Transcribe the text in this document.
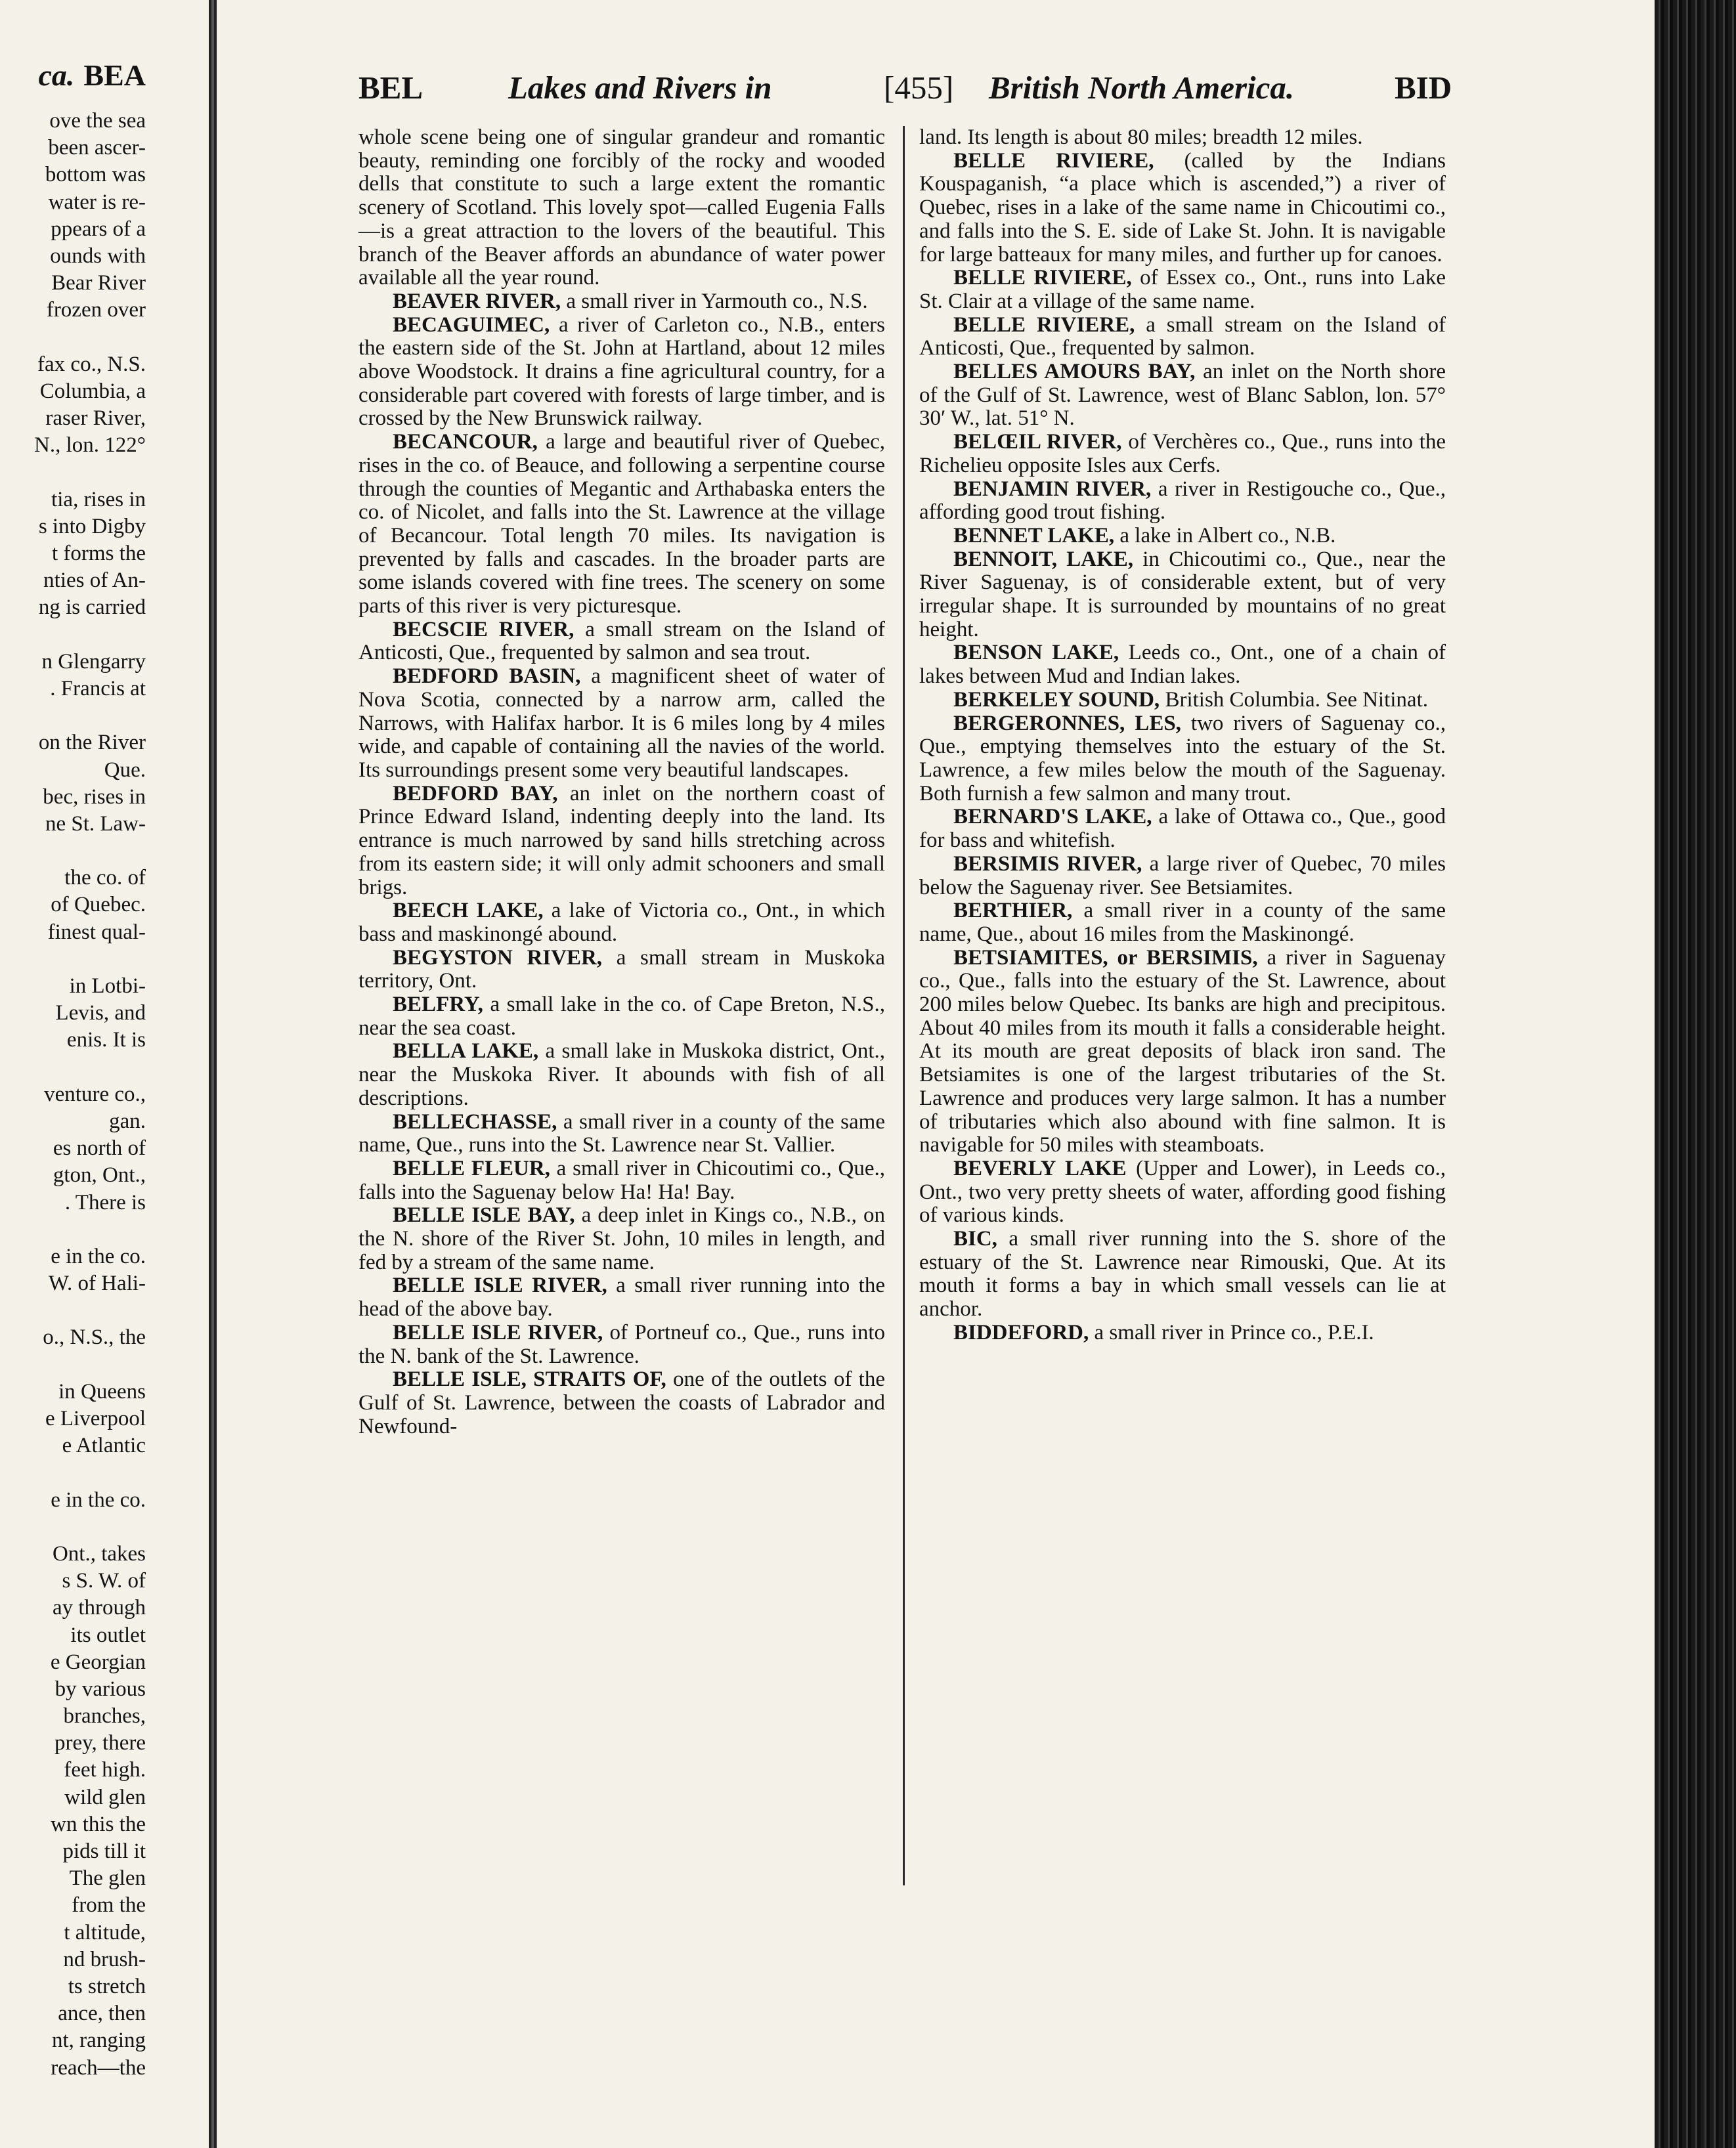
ca. BEA
ove the sea
been ascer-
bottom was
water is re-
ppears of a
ounds with
Bear River
frozen over
fax co., N.S.
Columbia, a
raser River,
N., lon. 122°
tia, rises in
s into Digby
t forms the
nties of An-
ng is carried
n Glengarry
. Francis at
on the River
Que.
bec, rises in
ne St. Law-
the co. of
of Quebec.
finest qual-
in Lotbi-
Levis, and
enis. It is
venture co.,
gan.
es north of
gton, Ont.,
. There is
e in the co.
W. of Hali-
o., N.S., the
in Queens
e Liverpool
e Atlantic
e in the co.
Ont., takes
s S. W. of
ay through
its outlet
e Georgian
by various
branches,
prey, there
feet high.
wild glen
wn this the
pids till it
The glen
from the
t altitude,
nd brush-
ts stretch
ance, then
nt, ranging
reach—the
BEL	Lakes and Rivers in	[455] British North America.	BID

whole scene being one of singular grandeur and romantic beauty, reminding one forcibly of the rocky and wooded dells that constitute to such a large extent the romantic scenery of Scotland. This lovely spot—called Eugenia Falls—is a great attraction to the lovers of the beautiful. This branch of the Beaver affords an abundance of water power available all the year round.

BEAVER RIVER, a small river in Yarmouth co., N.S.

BECAGUIMEC, a river of Carleton co., N.B., enters the eastern side of the St. John at Hartland, about 12 miles above Woodstock. It drains a fine agricultural country, for a considerable part covered with forests of large timber, and is crossed by the New Brunswick railway.

BECANCOUR, a large and beautiful river of Quebec, rises in the co. of Beauce, and following a serpentine course through the counties of Megantic and Arthabaska enters the co. of Nicolet, and falls into the St. Lawrence at the village of Becancour. Total length 70 miles. Its navigation is prevented by falls and cascades. In the broader parts are some islands covered with fine trees. The scenery on some parts of this river is very picturesque.

BECSCIE RIVER, a small stream on the Island of Anticosti, Que., frequented by salmon and sea trout.

BEDFORD BASIN, a magnificent sheet of water of Nova Scotia, connected by a narrow arm, called the Narrows, with Halifax harbor. It is 6 miles long by 4 miles wide, and capable of containing all the navies of the world. Its surroundings present some very beautiful landscapes.

BEDFORD BAY, an inlet on the northern coast of Prince Edward Island, indenting deeply into the land. Its entrance is much narrowed by sand hills stretching across from its eastern side; it will only admit schooners and small brigs.

BEECH LAKE, a lake of Victoria co., Ont., in which bass and maskinongé abound.

BEGYSTON RIVER, a small stream in Muskoka territory, Ont.

BELFRY, a small lake in the co. of Cape Breton, N.S., near the sea coast.

BELLA LAKE, a small lake in Muskoka district, Ont., near the Muskoka River. It abounds with fish of all descriptions.

BELLECHASSE, a small river in a county of the same name, Que., runs into the St. Lawrence near St. Vallier.

BELLE FLEUR, a small river in Chicoutimi co., Que., falls into the Saguenay below Ha! Ha! Bay.

BELLE ISLE BAY, a deep inlet in Kings co., N.B., on the N. shore of the River St. John, 10 miles in length, and fed by a stream of the same name.

BELLE ISLE RIVER, a small river running into the head of the above bay.

BELLE ISLE RIVER, of Portneuf co., Que., runs into the N. bank of the St. Lawrence.

BELLE ISLE, STRAITS OF, one of the outlets of the Gulf of St. Lawrence, between the coasts of Labrador and Newfound-

land. Its length is about 80 miles; breadth 12 miles.

BELLE RIVIERE, (called by the Indians Kouspaganish, “a place which is ascended,”) a river of Quebec, rises in a lake of the same name in Chicoutimi co., and falls into the S. E. side of Lake St. John. It is navigable for large batteaux for many miles, and further up for canoes.

BELLE RIVIERE, of Essex co., Ont., runs into Lake St. Clair at a village of the same name.

BELLE RIVIERE, a small stream on the Island of Anticosti, Que., frequented by salmon.

BELLES AMOURS BAY, an inlet on the North shore of the Gulf of St. Lawrence, west of Blanc Sablon, lon. 57° 30′ W., lat. 51° N.

BELŒIL RIVER, of Verchères co., Que., runs into the Richelieu opposite Isles aux Cerfs.

BENJAMIN RIVER, a river in Restigouche co., Que., affording good trout fishing.

BENNET LAKE, a lake in Albert co., N.B.

BENNOIT, LAKE, in Chicoutimi co., Que., near the River Saguenay, is of considerable extent, but of very irregular shape. It is surrounded by mountains of no great height.

BENSON LAKE, Leeds co., Ont., one of a chain of lakes between Mud and Indian lakes.

BERKELEY SOUND, British Columbia. See Nitinat.

BERGERONNES, LES, two rivers of Saguenay co., Que., emptying themselves into the estuary of the St. Lawrence, a few miles below the mouth of the Saguenay. Both furnish a few salmon and many trout.

BERNARD'S LAKE, a lake of Ottawa co., Que., good for bass and whitefish.

BERSIMIS RIVER, a large river of Quebec, 70 miles below the Saguenay river. See Betsiamites.

BERTHIER, a small river in a county of the same name, Que., about 16 miles from the Maskinongé.

BETSIAMITES, or BERSIMIS, a river in Saguenay co., Que., falls into the estuary of the St. Lawrence, about 200 miles below Quebec. Its banks are high and precipitous. About 40 miles from its mouth it falls a considerable height. At its mouth are great deposits of black iron sand. The Betsiamites is one of the largest tributaries of the St. Lawrence and produces very large salmon. It has a number of tributaries which also abound with fine salmon. It is navigable for 50 miles with steamboats.

BEVERLY LAKE (Upper and Lower), in Leeds co., Ont., two very pretty sheets of water, affording good fishing of various kinds.

BIC, a small river running into the S. shore of the estuary of the St. Lawrence near Rimouski, Que. At its mouth it forms a bay in which small vessels can lie at anchor.

BIDDEFORD, a small river in Prince co., P.E.I.
